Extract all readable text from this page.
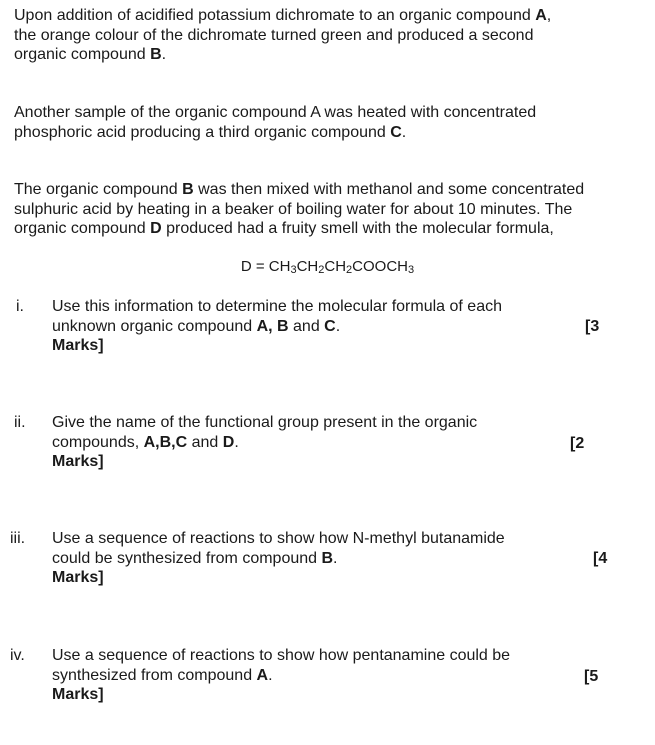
Upon addition of acidified potassium dichromate to an organic compound A,
the orange colour of the dichromate turned green and produced a second
organic compound B.
Another sample of the organic compound A was heated with concentrated
phosphoric acid producing a third organic compound C.
The organic compound B was then mixed with methanol and some concentrated
sulphuric acid by heating in a beaker of boiling water for about 10 minutes. The
organic compound D produced had a fruity smell with the molecular formula,
$D = CH_3CH_2CH_2COOCH_3$
i. Use this information to determine the molecular formula of each
unknown organic compound A, B and C.
Marks]
[3
ii. Give the name of the functional group present in the organic
compounds, A,B,C and D.
Marks]
[2
iii. Use a sequence of reactions to show how N-methyl butanamide
could be synthesized from compound B.
Marks]
[4
iv. Use a sequence of reactions to show how pentanamine could be
synthesized from compound A.
Marks]
[5
